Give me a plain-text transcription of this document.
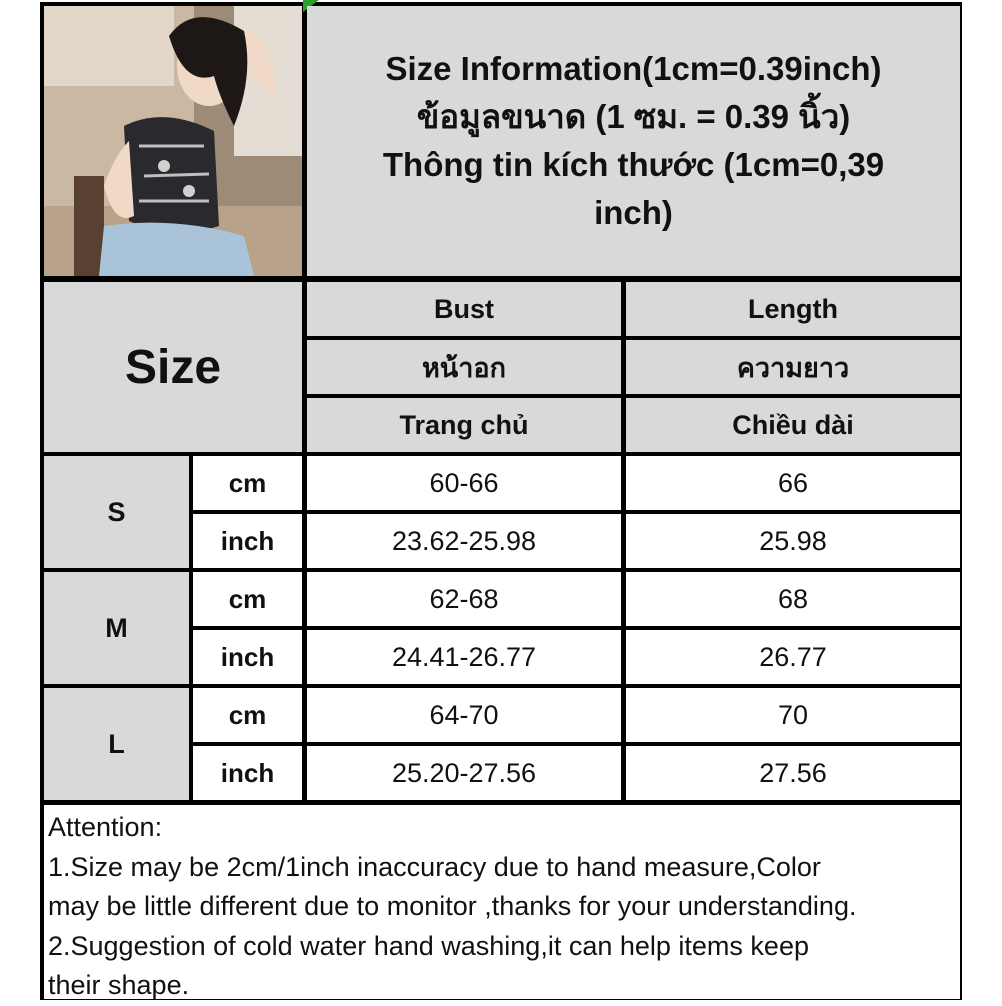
Size Information(1cm=0.39inch)
ข้อมูลขนาด (1 ซม. = 0.39 นิ้ว)
Thông tin kích thước (1cm=0,39
inch)
Size
Bust	Length
หน้าอก	ความยาว
Trang chủ	Chiều dài
S
cm	60-66	66
inch	23.62-25.98	25.98
M
cm	62-68	68
inch	24.41-26.77	26.77
L
cm	64-70	70
inch	25.20-27.56	27.56
Attention:
1.Size may be 2cm/1inch inaccuracy due to hand measure,Color
may be little different due to monitor ,thanks for your understanding.
2.Suggestion of cold water hand washing,it can help items keep
their shape.
